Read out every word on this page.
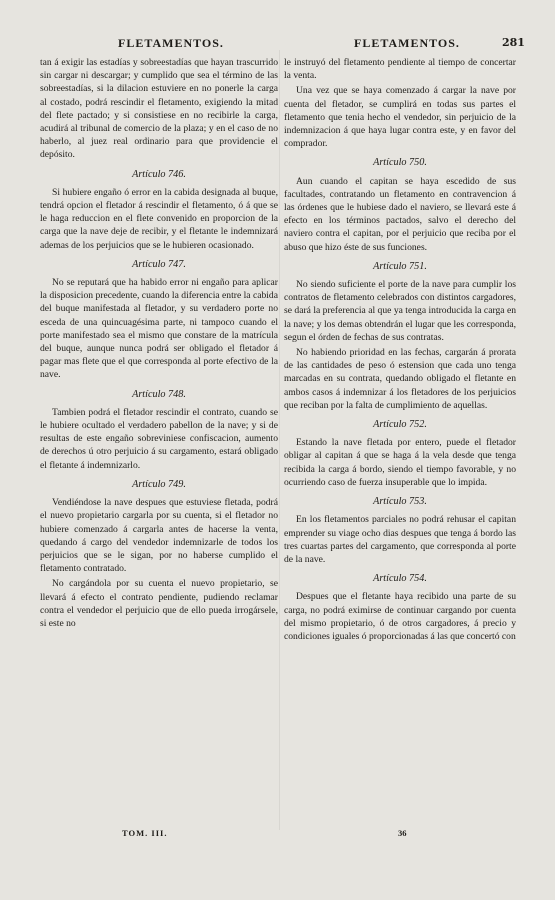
FLETAMENTOS.	FLETAMENTOS.	281

tan á exigir las estadías y sobreestadías que hayan trascurrido sin cargar ni descargar; y cumplido que sea el término de las sobreestadías, si la dilacion estuviere en no ponerle la carga al costado, podrá rescindir el fletamento, exigiendo la mitad del flete pactado; y si consistiese en no recibirle la carga, acudirá al tribunal de comercio de la plaza; y en el caso de no haberlo, al juez real ordinario para que providencie el depósito.

Artículo 746.

Si hubiere engaño ó error en la cabida designada al buque, tendrá opcion el fletador á rescindir el fletamento, ó á que se le haga reduccion en el flete convenido en proporcion de la carga que la nave deje de recibir, y el fletante le indemnizará ademas de los perjuicios que se le hubieren ocasionado.

Artículo 747.

No se reputará que ha habido error ni engaño para aplicar la disposicion precedente, cuando la diferencia entre la cabida del buque manifestada al fletador, y su verdadero porte no esceda de una quincuagésima parte, ni tampoco cuando el porte manifestado sea el mismo que constare de la matrícula del buque, aunque nunca podrá ser obligado el fletador á pagar mas flete que el que corresponda al porte efectivo de la nave.

Artículo 748.

Tambien podrá el fletador rescindir el contrato, cuando se le hubiere ocultado el verdadero pabellon de la nave; y si de resultas de este engaño sobreviniese confiscacion, aumento de derechos ú otro perjuicio á su cargamento, estará obligado el fletante á indemnizarlo.

Artículo 749.

Vendiéndose la nave despues que estuviese fletada, podrá el nuevo propietario cargarla por su cuenta, si el fletador no hubiere comenzado á cargarla antes de hacerse la venta, quedando á cargo del vendedor indemnizarle de todos los perjuicios que se le sigan, por no haberse cumplido el fletamento contratado.

No cargándola por su cuenta el nuevo propietario, se llevará á efecto el contrato pendiente, pudiendo reclamar contra el vendedor el perjuicio que de ello pueda irrogársele, si este no

le instruyó del fletamento pendiente al tiempo de concertar la venta.

Una vez que se haya comenzado á cargar la nave por cuenta del fletador, se cumplirá en todas sus partes el fletamento que tenia hecho el vendedor, sin perjuicio de la indemnizacion á que haya lugar contra este, y en favor del comprador.

Artículo 750.

Aun cuando el capitan se haya escedido de sus facultades, contratando un fletamento en contravencion á las órdenes que le hubiese dado el naviero, se llevará este á efecto en los términos pactados, salvo el derecho del naviero contra el capitan, por el perjuicio que reciba por el abuso que hizo éste de sus funciones.

Artículo 751.

No siendo suficiente el porte de la nave para cumplir los contratos de fletamento celebrados con distintos cargadores, se dará la preferencia al que ya tenga introducida la carga en la nave; y los demas obtendrán el lugar que les corresponda, segun el órden de fechas de sus contratas.

No habiendo prioridad en las fechas, cargarán á prorata de las cantidades de peso ó estension que cada uno tenga marcadas en su contrata, quedando obligado el fletante en ambos casos á indemnizar á los fletadores de los perjuicios que reciban por la falta de cumplimiento de aquellas.

Artículo 752.

Estando la nave fletada por entero, puede el fletador obligar al capitan á que se haga á la vela desde que tenga recibida la carga á bordo, siendo el tiempo favorable, y no ocurriendo caso de fuerza insuperable que lo impida.

Artículo 753.

En los fletamentos parciales no podrá rehusar el capitan emprender su viage ocho dias despues que tenga á bordo las tres cuartas partes del cargamento, que corresponda al porte de la nave.

Artículo 754.

Despues que el fletante haya recibido una parte de su carga, no podrá eximirse de continuar cargando por cuenta del mismo propietario, ó de otros cargadores, á precio y condiciones iguales ó proporcionadas á las que concertó con

TOM. III.	36
